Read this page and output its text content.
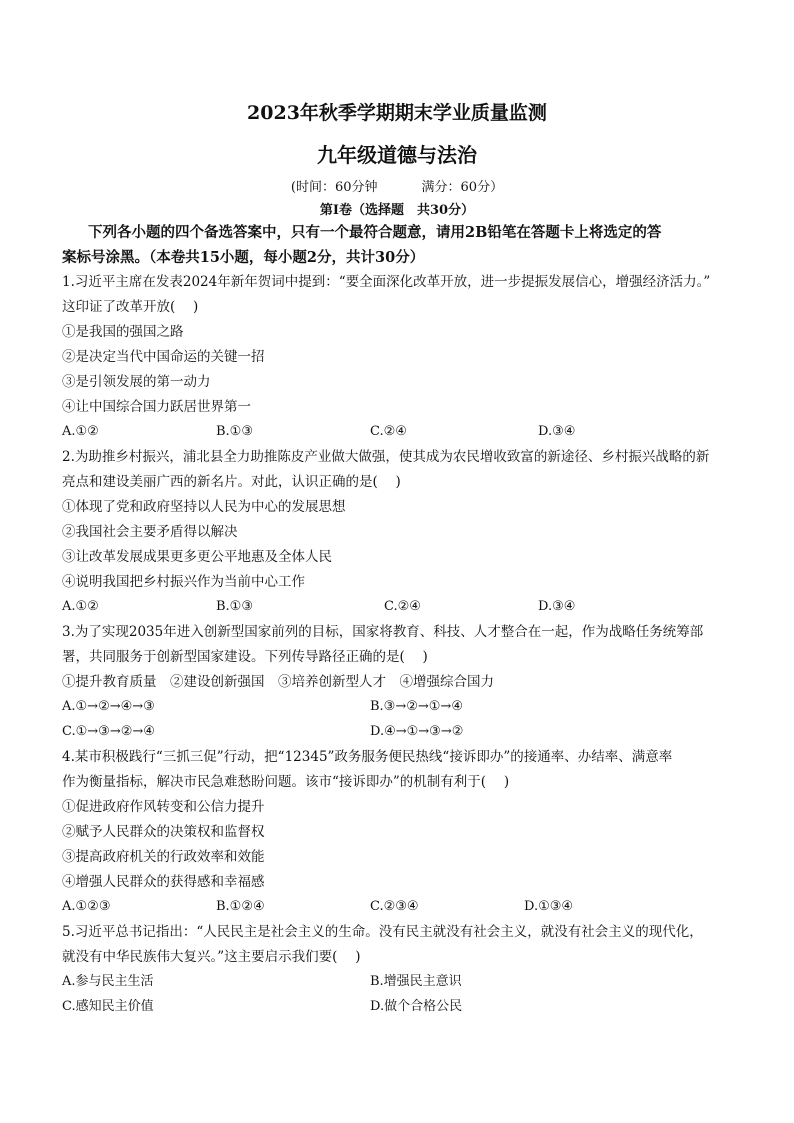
2023年秋季学期期末学业质量监测
九年级道德与法治
(时间：60分钟	满分：60分）
第Ⅰ卷（选择题　共30分）
下列各小题的四个备选答案中，只有一个最符合题意，请用2B铅笔在答题卡上将选定的答
案标号涂黑。（本卷共15小题，每小题2分，共计30分）
1.习近平主席在发表2024年新年贺词中提到：“要全面深化改革开放，进一步提振发展信心，增强经济活力。”
这印证了改革开放(　 )
①是我国的强国之路
②是决定当代中国命运的关键一招
③是引领发展的第一动力
④让中国综合国力跃居世界第一
A.①②	B.①③	C.②④	D.③④
2.为助推乡村振兴，浦北县全力助推陈皮产业做大做强，使其成为农民增收致富的新途径、乡村振兴战略的新
亮点和建设美丽广西的新名片。对此，认识正确的是(　 )
①体现了党和政府坚持以人民为中心的发展思想
②我国社会主要矛盾得以解决
③让改革发展成果更多更公平地惠及全体人民
④说明我国把乡村振兴作为当前中心工作
A.①②	B.①③	C.②④	D.③④
3.为了实现2035年进入创新型国家前列的目标，国家将教育、科技、人才整合在一起，作为战略任务统筹部
署，共同服务于创新型国家建设。下列传导路径正确的是(　 )
①提升教育质量　②建设创新强国　③培养创新型人才　④增强综合国力
A.①→②→④→③	B.③→②→①→④
C.①→③→②→④	D.④→①→③→②
4.某市积极践行“三抓三促”行动，把“12345”政务服务便民热线“接诉即办”的接通率、办结率、满意率
作为衡量指标，解决市民急难愁盼问题。该市“接诉即办”的机制有利于(　 )
①促进政府作风转变和公信力提升
②赋予人民群众的决策权和监督权
③提高政府机关的行政效率和效能
④增强人民群众的获得感和幸福感
A.①②③	B.①②④	C.②③④	D.①③④
5.习近平总书记指出：“人民民主是社会主义的生命。没有民主就没有社会主义，就没有社会主义的现代化，
就没有中华民族伟大复兴。”这主要启示我们要(　 )
A.参与民主生活	B.增强民主意识
C.感知民主价值	D.做个合格公民
